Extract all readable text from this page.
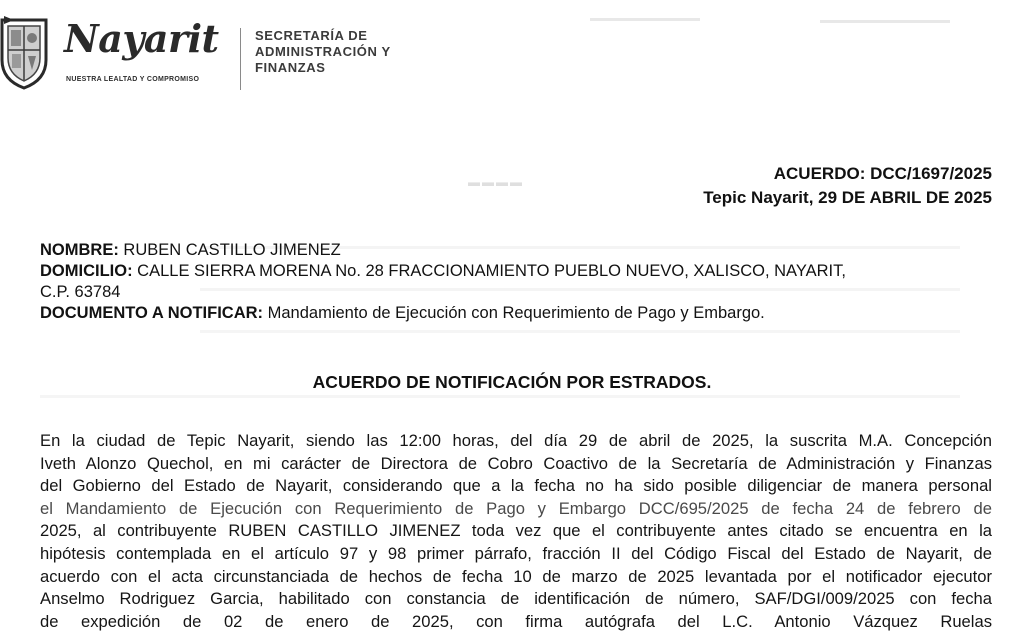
▬▬▬▬
Nayarit
NUESTRA LEALTAD Y COMPROMISO
SECRETARÍA DE
ADMINISTRACIÓN Y
FINANZAS
ACUERDO: DCC/1697/2025
Tepic Nayarit, 29 DE ABRIL DE 2025
NOMBRE: RUBEN CASTILLO JIMENEZ
DOMICILIO: CALLE SIERRA MORENA No. 28 FRACCIONAMIENTO PUEBLO NUEVO, XALISCO, NAYARIT,
C.P. 63784
DOCUMENTO A NOTIFICAR: Mandamiento de Ejecución con Requerimiento de Pago y Embargo.
ACUERDO DE NOTIFICACIÓN POR ESTRADOS.
En la ciudad de Tepic Nayarit, siendo las 12:00 horas, del día 29 de abril de 2025, la suscrita M.A. Concepción
Iveth Alonzo Quechol, en mi carácter de Directora de Cobro Coactivo de la Secretaría de Administración y Finanzas
del Gobierno del Estado de Nayarit, considerando que a la fecha no ha sido posible diligenciar de manera personal
el Mandamiento de Ejecución con Requerimiento de Pago y Embargo DCC/695/2025 de fecha 24 de febrero de
2025, al contribuyente RUBEN CASTILLO JIMENEZ toda vez que el contribuyente antes citado se encuentra en la
hipótesis contemplada en el artículo 97 y 98 primer párrafo, fracción II del Código Fiscal del Estado de Nayarit, de
acuerdo con el acta circunstanciada de hechos de fecha 10 de marzo de 2025 levantada por el notificador ejecutor
Anselmo Rodriguez Garcia, habilitado con constancia de identificación de número, SAF/DGI/009/2025 con fecha
de expedición de 02 de enero de 2025, con firma autógrafa del L.C. Antonio Vázquez Ruelas
